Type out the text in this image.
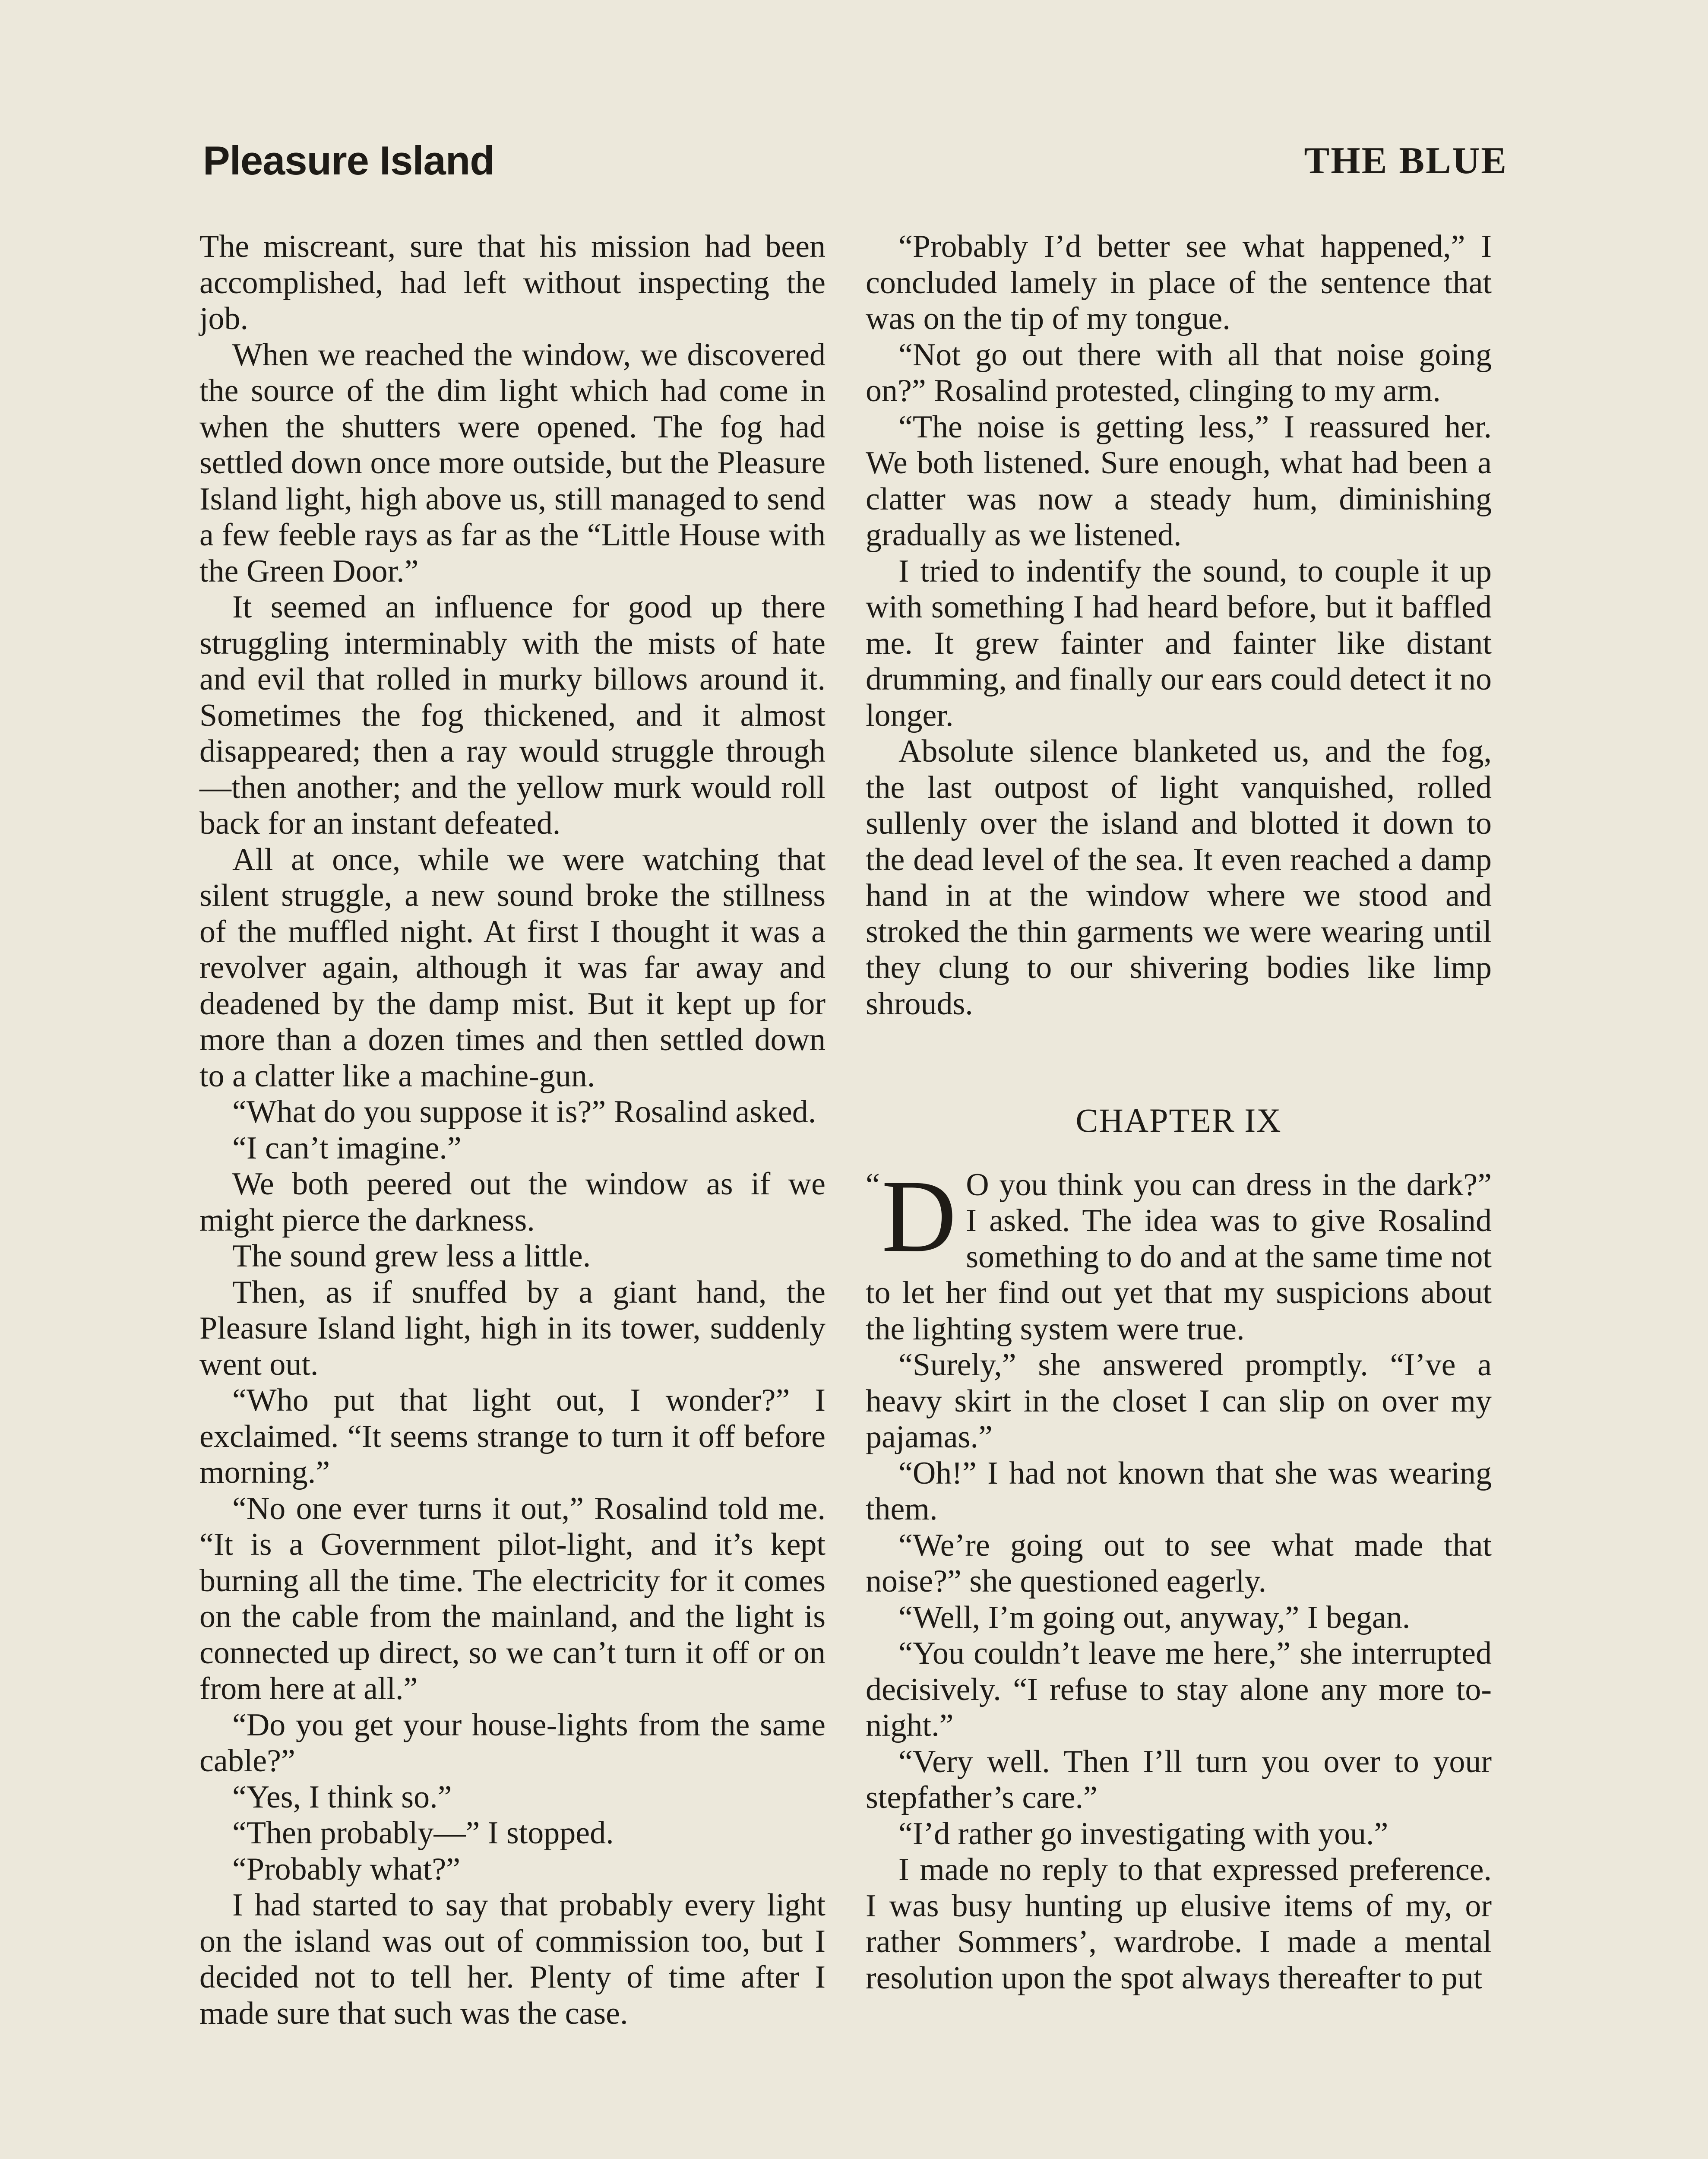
Pleasure Island	THE BLUE

The miscreant, sure that his mission had been accomplished, had left without inspecting the job.

When we reached the window, we discovered the source of the dim light which had come in when the shutters were opened. The fog had settled down once more outside, but the Pleasure Island light, high above us, still managed to send a few feeble rays as far as the “Little House with the Green Door.”

It seemed an influence for good up there struggling interminably with the mists of hate and evil that rolled in murky billows around it. Sometimes the fog thickened, and it almost disappeared; then a ray would struggle through—then another; and the yellow murk would roll back for an instant defeated.

All at once, while we were watching that silent struggle, a new sound broke the stillness of the muffled night. At first I thought it was a revolver again, although it was far away and deadened by the damp mist. But it kept up for more than a dozen times and then settled down to a clatter like a machine-gun.

“What do you suppose it is?” Rosalind asked.

“I can’t imagine.”

We both peered out the window as if we might pierce the darkness.

The sound grew less a little.

Then, as if snuffed by a giant hand, the Pleasure Island light, high in its tower, suddenly went out.

“Who put that light out, I wonder?” I exclaimed. “It seems strange to turn it off before morning.”

“No one ever turns it out,” Rosalind told me. “It is a Government pilot-light, and it’s kept burning all the time. The electricity for it comes on the cable from the mainland, and the light is connected up direct, so we can’t turn it off or on from here at all.”

“Do you get your house-lights from the same cable?”

“Yes, I think so.”

“Then probably—” I stopped.

“Probably what?”

I had started to say that probably every light on the island was out of commission too, but I decided not to tell her. Plenty of time after I made sure that such was the case.

“Probably I’d better see what happened,” I concluded lamely in place of the sentence that was on the tip of my tongue.

“Not go out there with all that noise going on?” Rosalind protested, clinging to my arm.

“The noise is getting less,” I reassured her. We both listened. Sure enough, what had been a clatter was now a steady hum, diminishing gradually as we listened.

I tried to indentify the sound, to couple it up with something I had heard before, but it baffled me. It grew fainter and fainter like distant drumming, and finally our ears could detect it no longer.

Absolute silence blanketed us, and the fog, the last outpost of light vanquished, rolled sullenly over the island and blotted it down to the dead level of the sea. It even reached a damp hand in at the window where we stood and stroked the thin garments we were wearing until they clung to our shivering bodies like limp shrouds.

CHAPTER IX

“ D O you think you can dress in the dark?” I asked. The idea was to give Rosalind something to do and at the same time not to let her find out yet that my suspicions about the lighting system were true.

“Surely,” she answered promptly. “I’ve a heavy skirt in the closet I can slip on over my pajamas.”

“Oh!” I had not known that she was wearing them.

“We’re going out to see what made that noise?” she questioned eagerly.

“Well, I’m going out, anyway,” I began.

“You couldn’t leave me here,” she interrupted decisively. “I refuse to stay alone any more to-night.”

“Very well. Then I’ll turn you over to your stepfather’s care.”

“I’d rather go investigating with you.”

I made no reply to that expressed preference. I was busy hunting up elusive items of my, or rather Sommers’, wardrobe. I made a mental resolution upon the spot always thereafter to put
